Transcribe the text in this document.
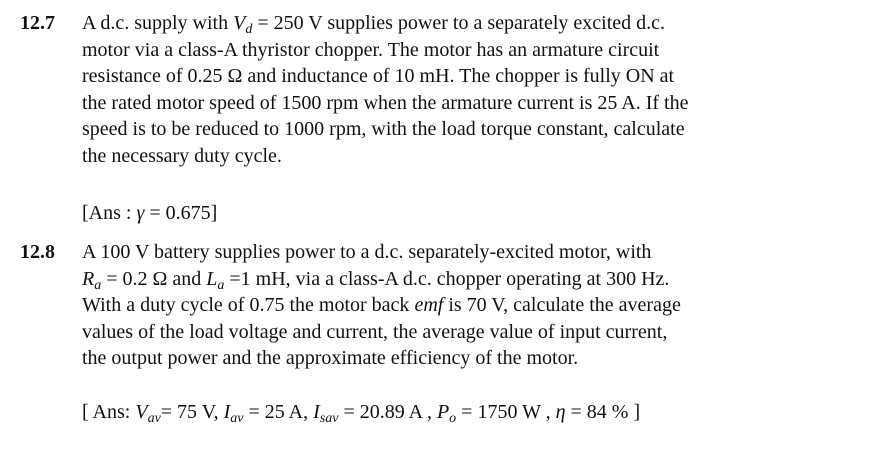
12.7 A d.c. supply with $V_d = 250$ V supplies power to a separately excited d.c.
motor via a class-A thyristor chopper. The motor has an armature circuit
resistance of 0.25 Ω and inductance of 10 mH. The chopper is fully ON at
the rated motor speed of 1500 rpm when the armature current is 25 A. If the
speed is to be reduced to 1000 rpm, with the load torque constant, calculate
the necessary duty cycle.
[Ans : γ = 0.675]
12.8 A 100 V battery supplies power to a d.c. separately-excited motor, with
$R_a = 0.2$ Ω and $L_a =1$ mH, via a class-A d.c. chopper operating at 300 Hz.
With a duty cycle of 0.75 the motor back emf is 70 V, calculate the average
values of the load voltage and current, the average value of input current,
the output power and the approximate efficiency of the motor.
[ Ans: $V_{av}= 75$ V, $I_{av} = 25$ A, $I_{sav} = 20.89$ A , $P_o = 1750$ W , η = 84 % ]
